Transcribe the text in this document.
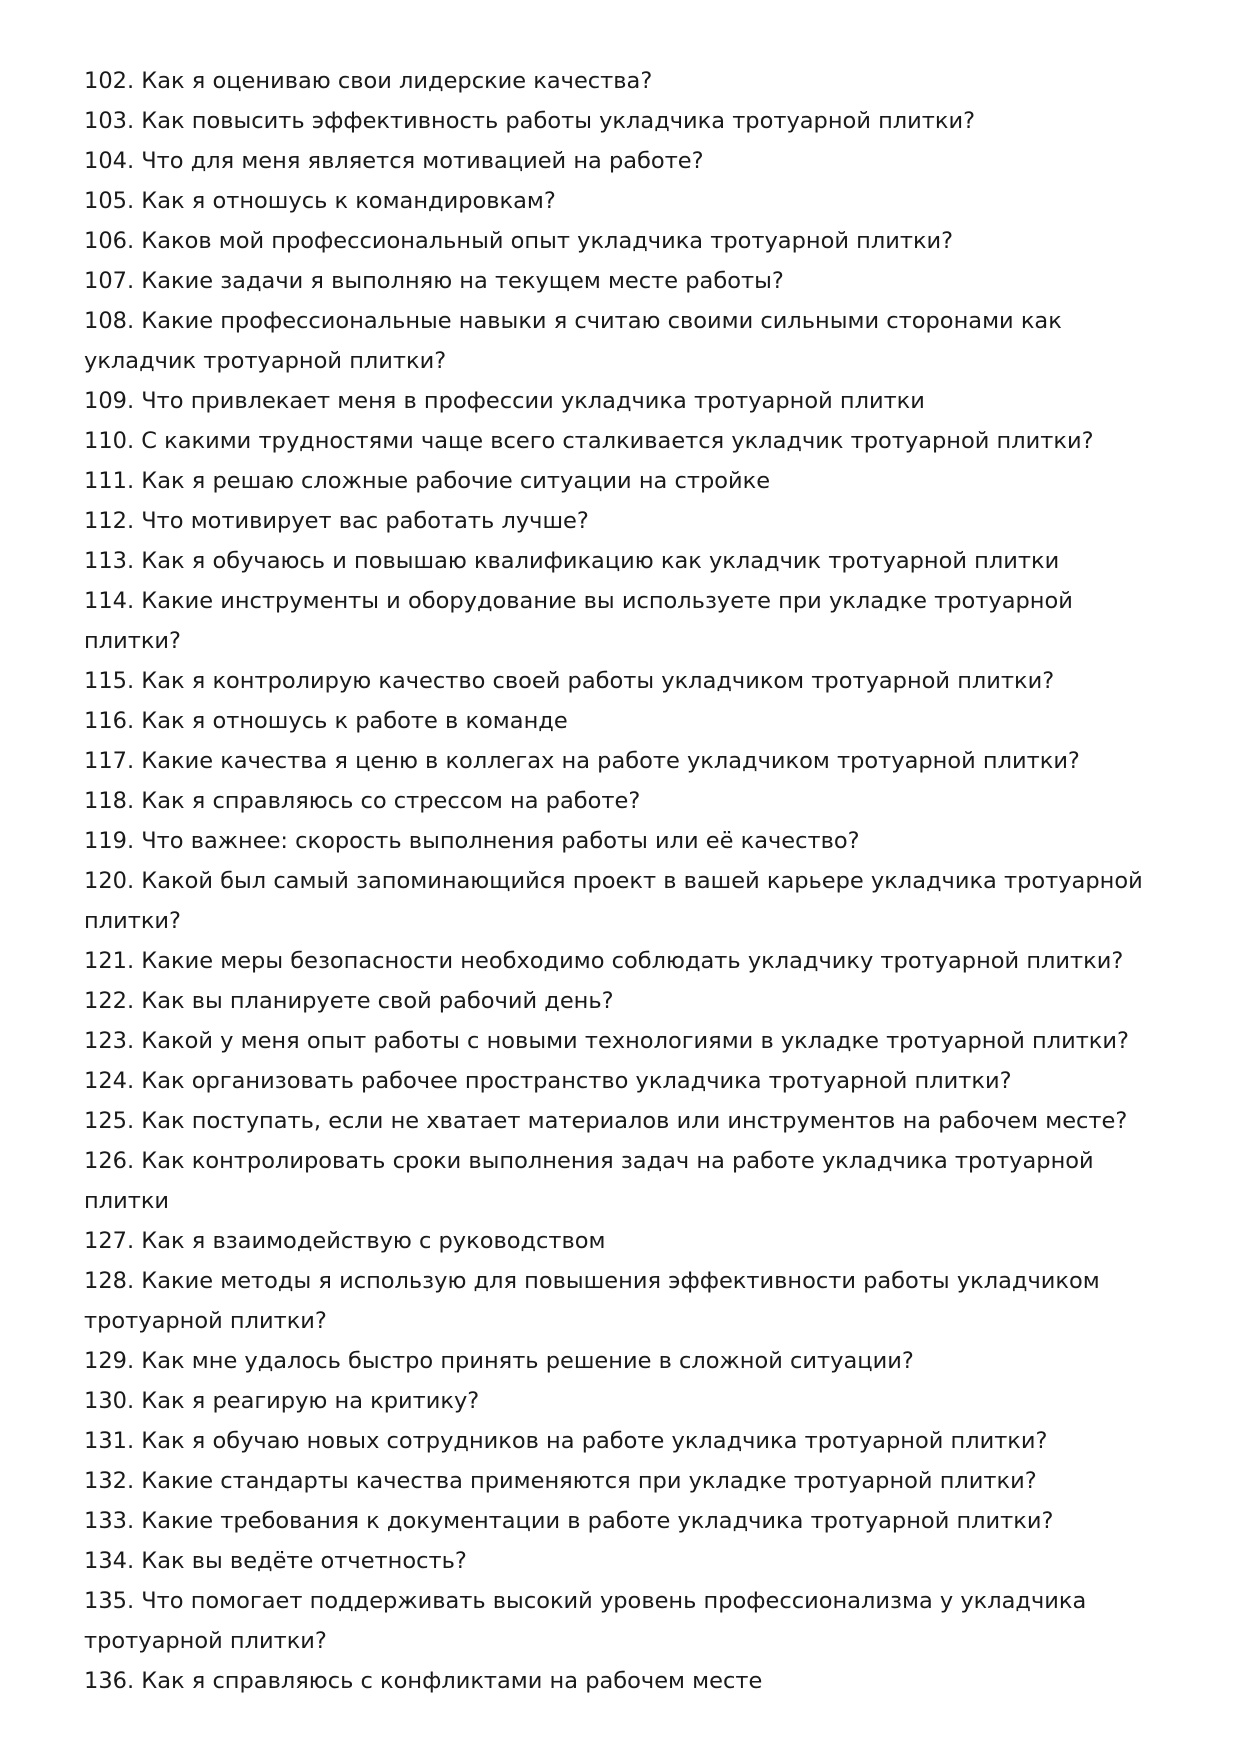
102. Как я оцениваю свои лидерские качества?

103. Как повысить эффективность работы укладчика тротуарной плитки?

104. Что для меня является мотивацией на работе?

105. Как я отношусь к командировкам?

106. Каков мой профессиональный опыт укладчика тротуарной плитки?

107. Какие задачи я выполняю на текущем месте работы?

108. Какие профессиональные навыки я считаю своими сильными сторонами как укладчик тротуарной плитки?

109. Что привлекает меня в профессии укладчика тротуарной плитки

110. С какими трудностями чаще всего сталкивается укладчик тротуарной плитки?

111. Как я решаю сложные рабочие ситуации на стройке

112. Что мотивирует вас работать лучше?

113. Как я обучаюсь и повышаю квалификацию как укладчик тротуарной плитки

114. Какие инструменты и оборудование вы используете при укладке тротуарной плитки?

115. Как я контролирую качество своей работы укладчиком тротуарной плитки?

116. Как я отношусь к работе в команде

117. Какие качества я ценю в коллегах на работе укладчиком тротуарной плитки?

118. Как я справляюсь со стрессом на работе?

119. Что важнее: скорость выполнения работы или её качество?

120. Какой был самый запоминающийся проект в вашей карьере укладчика тротуарной плитки?

121. Какие меры безопасности необходимо соблюдать укладчику тротуарной плитки?

122. Как вы планируете свой рабочий день?

123. Какой у меня опыт работы с новыми технологиями в укладке тротуарной плитки?

124. Как организовать рабочее пространство укладчика тротуарной плитки?

125. Как поступать, если не хватает материалов или инструментов на рабочем месте?

126. Как контролировать сроки выполнения задач на работе укладчика тротуарной плитки

127. Как я взаимодействую с руководством

128. Какие методы я использую для повышения эффективности работы укладчиком тротуарной плитки?

129. Как мне удалось быстро принять решение в сложной ситуации?

130. Как я реагирую на критику?

131. Как я обучаю новых сотрудников на работе укладчика тротуарной плитки?

132. Какие стандарты качества применяются при укладке тротуарной плитки?

133. Какие требования к документации в работе укладчика тротуарной плитки?

134. Как вы ведёте отчетность?

135. Что помогает поддерживать высокий уровень профессионализма у укладчика тротуарной плитки?

136. Как я справляюсь с конфликтами на рабочем месте
